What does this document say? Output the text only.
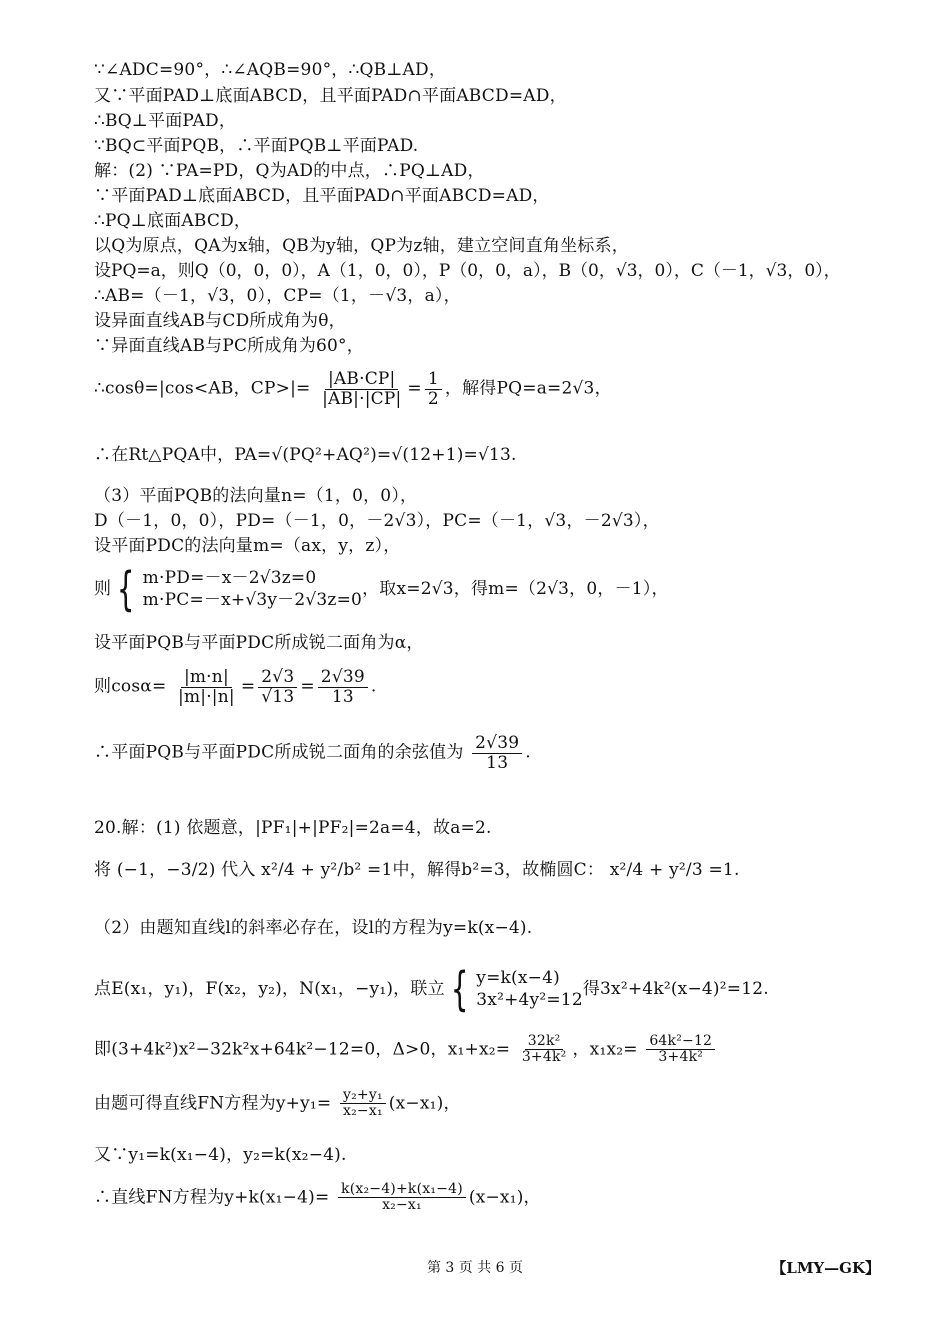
∵∠ADC=90°，∴∠AQB=90°，∴QB⊥AD，
又∵平面PAD⊥底面ABCD，且平面PAD∩平面ABCD=AD，
∴BQ⊥平面PAD，
∵BQ⊂平面PQB，∴平面PQB⊥平面PAD.
解：(2) ∵PA=PD，Q为AD的中点，∴PQ⊥AD，
∵平面PAD⊥底面ABCD，且平面PAD∩平面ABCD=AD，
∴PQ⊥底面ABCD，
以Q为原点，QA为x轴，QB为y轴，QP为z轴，建立空间直角坐标系，
设PQ=a，则Q（0，0，0），A（1，0，0），P（0，0，a），B（0，√3，0），C（－1，√3，0），
∴AB=（－1，√3，0），CP=（1，－√3，a），
设异面直线AB与CD所成角为θ，
∵异面直线AB与PC所成角为60°，
∴cosθ=|cos<AB，$CP>|= \frac{|AB\cdot CP|}{|AB|\cdot|CP|} = \frac{1}{2}$ ，解得PQ=a=2√3，
∴在Rt△PQA中，PA=√(PQ²+AQ²)=√(12+1)=√13.
（3）平面PQB的法向量n=（1，0，0），
D（－1，0，0），PD=（－1，0，－2√3），PC=（－1，√3，－2√3），
设平面PDC的法向量m=（ax，y，z），
则 { m·PD=－x－2√3z=0
m·PC=－x+√3y－2√3z=0
，取x=2√3，得m=（2√3，0，－1），
设平面PQB与平面PDC所成锐二面角为α，
则$\cos\alpha= \frac{|m\cdot n|}{|m|\cdot|n|} = \frac{2√3}{√13} = \frac{2√39}{13}$ .
∴平面PQB与平面PDC所成锐二面角的余弦值为 $\frac{2√39}{13}$ .
20.解：(1) 依题意，|PF₁|+|PF₂|=2a=4，故a=2.
将 (−1，−3/2) 代入 x²/4 + y²/b² =1中，解得b²=3，故椭圆C： x²/4 + y²/3 =1.
（2）由题知直线l的斜率必存在，设l的方程为y=k(x−4).
点E(x₁，y₁)，F(x₂，y₂)，N(x₁，−y₁)，联立 { y=k(x−4)
3x²+4y²=12
得3x²+4k²(x−4)²=12.
即(3+4k²)x²−32k²x+64k²−12=0，Δ>0，$x_1+x_2= \frac{\text{32k²}}{\text{3+4k²}}$ ，$x_1x_2= \frac{\text{64k²−12}}{\text{3+4k²}}$
由题可得直线FN方程为$y+y_1= \frac{\text{y₂+y₁}}{\text{x₂−x₁}} (x-x_1)$，
又∵y₁=k(x₁−4)，y₂=k(x₂−4).
∴直线FN方程为$y+k(x_1-4)= \frac{\text{k(x₂−4)+k(x₁−4)}}{\text{x₂−x₁}} (x-x_1)$，
第 3 页 共 6 页	【LMY—GK】
